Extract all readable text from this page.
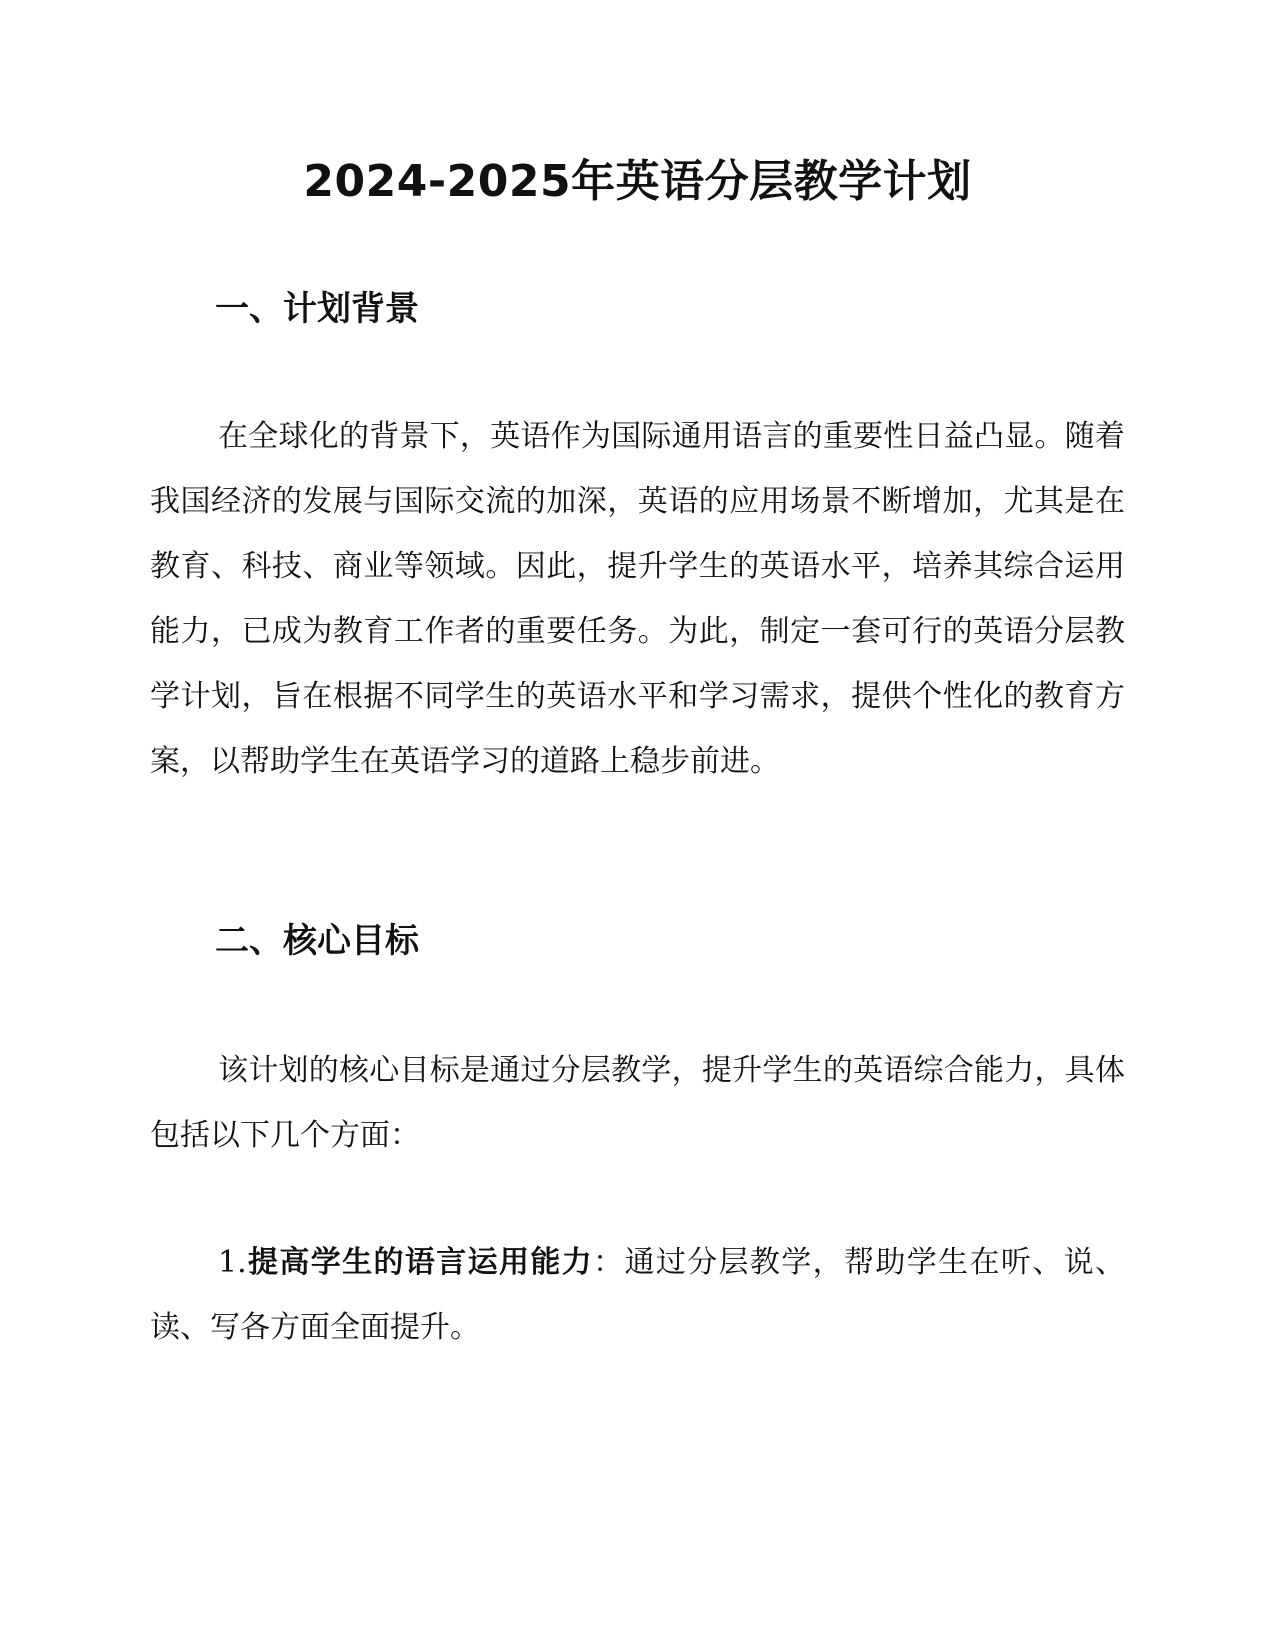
2024-2025年英语分层教学计划
一、计划背景

在全球化的背景下，英语作为国际通用语言的重要性日益凸显。随着我国经济的发展与国际交流的加深，英语的应用场景不断增加，尤其是在教育、科技、商业等领域。因此，提升学生的英语水平，培养其综合运用能力，已成为教育工作者的重要任务。为此，制定一套可行的英语分层教学计划，旨在根据不同学生的英语水平和学习需求，提供个性化的教育方案，以帮助学生在英语学习的道路上稳步前进。

二、核心目标

该计划的核心目标是通过分层教学，提升学生的英语综合能力，具体包括以下几个方面：

1.提高学生的语言运用能力：通过分层教学，帮助学生在听、说、读、写各方面全面提升。
